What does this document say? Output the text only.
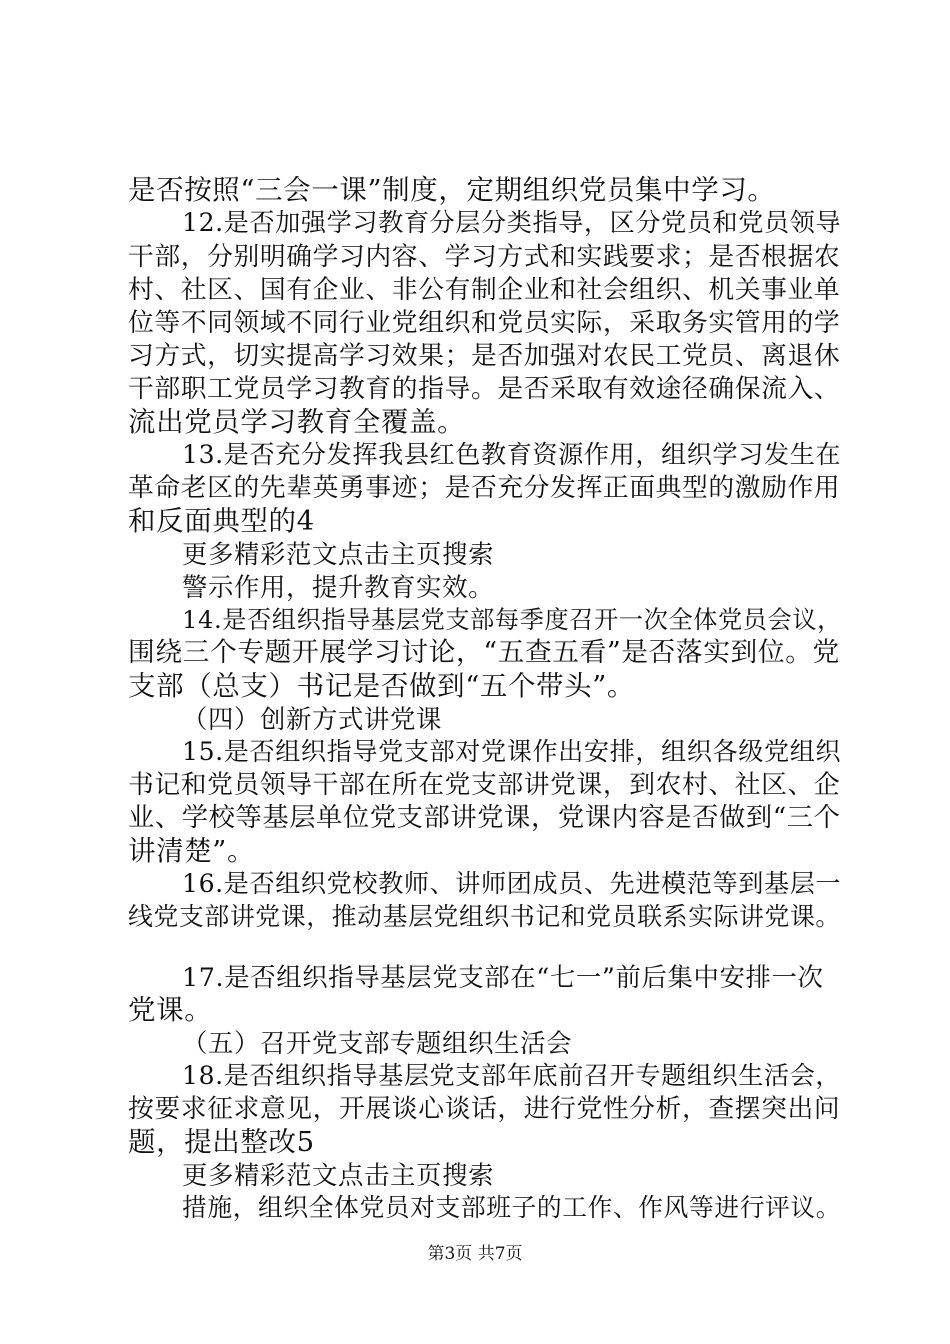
是否按照“三会一课”制度，定期组织党员集中学习。
12.是否加强学习教育分层分类指导，区分党员和党员领导
干部，分别明确学习内容、学习方式和实践要求；是否根据农
村、社区、国有企业、非公有制企业和社会组织、机关事业单
位等不同领域不同行业党组织和党员实际，采取务实管用的学
习方式，切实提高学习效果；是否加强对农民工党员、离退休
干部职工党员学习教育的指导。是否采取有效途径确保流入、
流出党员学习教育全覆盖。
13.是否充分发挥我县红色教育资源作用，组织学习发生在
革命老区的先辈英勇事迹；是否充分发挥正面典型的激励作用
和反面典型的4
更多精彩范文点击主页搜索
警示作用，提升教育实效。
14.是否组织指导基层党支部每季度召开一次全体党员会议，
围绕三个专题开展学习讨论，“五查五看”是否落实到位。党
支部（总支）书记是否做到“五个带头”。
（四）创新方式讲党课
15.是否组织指导党支部对党课作出安排，组织各级党组织
书记和党员领导干部在所在党支部讲党课，到农村、社区、企
业、学校等基层单位党支部讲党课，党课内容是否做到“三个
讲清楚”。
16.是否组织党校教师、讲师团成员、先进模范等到基层一
线党支部讲党课，推动基层党组织书记和党员联系实际讲党课。
17.是否组织指导基层党支部在“七一”前后集中安排一次
党课。
（五）召开党支部专题组织生活会
18.是否组织指导基层党支部年底前召开专题组织生活会，
按要求征求意见，开展谈心谈话，进行党性分析，查摆突出问
题，提出整改5
更多精彩范文点击主页搜索
措施，组织全体党员对支部班子的工作、作风等进行评议。
第3页 共7页
